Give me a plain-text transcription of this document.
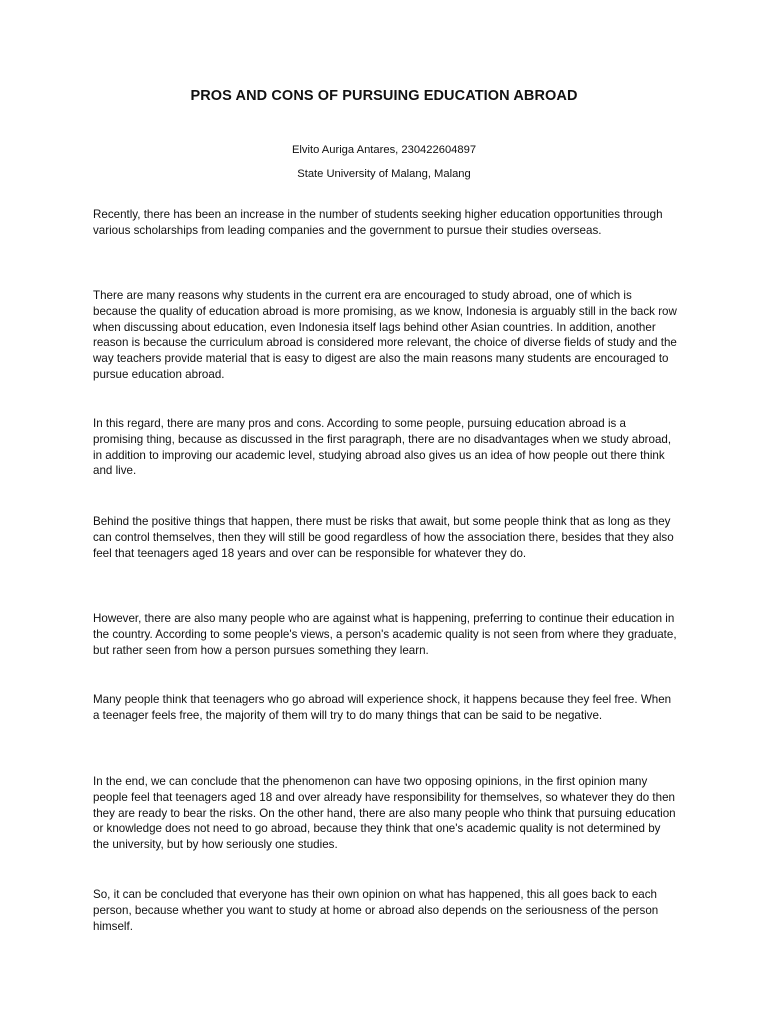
PROS AND CONS OF PURSUING EDUCATION ABROAD
Elvito Auriga Antares, 230422604897
State University of Malang, Malang

Recently, there has been an increase in the number of students seeking higher education opportunities through various scholarships from leading companies and the government to pursue their studies overseas.

There are many reasons why students in the current era are encouraged to study abroad, one of which is because the quality of education abroad is more promising, as we know, Indonesia is arguably still in the back row when discussing about education, even Indonesia itself lags behind other Asian countries. In addition, another reason is because the curriculum abroad is considered more relevant, the choice of diverse fields of study and the way teachers provide material that is easy to digest are also the main reasons many students are encouraged to pursue education abroad.

In this regard, there are many pros and cons. According to some people, pursuing education abroad is a promising thing, because as discussed in the first paragraph, there are no disadvantages when we study abroad, in addition to improving our academic level, studying abroad also gives us an idea of how people out there think and live.

Behind the positive things that happen, there must be risks that await, but some people think that as long as they can control themselves, then they will still be good regardless of how the association there, besides that they also feel that teenagers aged 18 years and over can be responsible for whatever they do.

However, there are also many people who are against what is happening, preferring to continue their education in the country. According to some people's views, a person's academic quality is not seen from where they graduate, but rather seen from how a person pursues something they learn.

Many people think that teenagers who go abroad will experience shock, it happens because they feel free. When a teenager feels free, the majority of them will try to do many things that can be said to be negative.

In the end, we can conclude that the phenomenon can have two opposing opinions, in the first opinion many people feel that teenagers aged 18 and over already have responsibility for themselves, so whatever they do then they are ready to bear the risks. On the other hand, there are also many people who think that pursuing education or knowledge does not need to go abroad, because they think that one's academic quality is not determined by the university, but by how seriously one studies.

So, it can be concluded that everyone has their own opinion on what has happened, this all goes back to each person, because whether you want to study at home or abroad also depends on the seriousness of the person himself.
